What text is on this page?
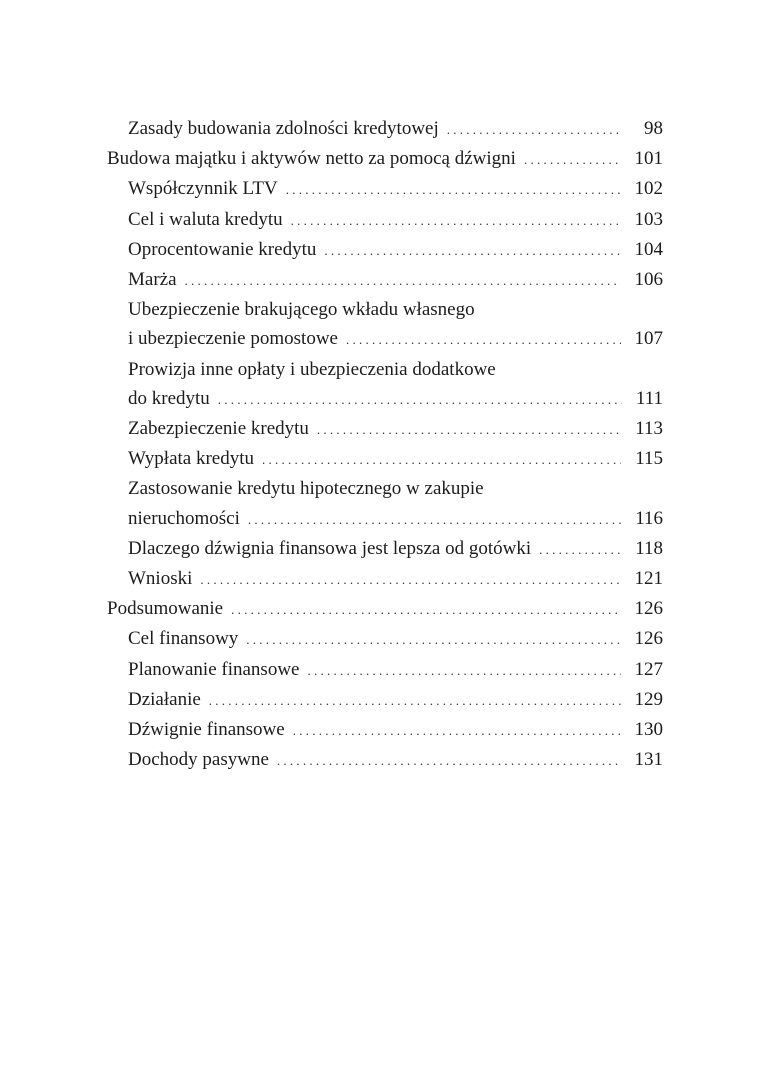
Zasady budowania zdolności kredytowej . . .	98
Budowa majątku i aktywów netto za pomocą dźwigni . . .	101
Współczynnik LTV . . .	102
Cel i waluta kredytu . . .	103
Oprocentowanie kredytu . . .	104
Marża . . .	106
Ubezpieczenie brakującego wkładu własnego
i ubezpieczenie pomostowe . . .	107
Prowizja inne opłaty i ubezpieczenia dodatkowe
do kredytu . . .	111
Zabezpieczenie kredytu . . .	113
Wypłata kredytu . . .	115
Zastosowanie kredytu hipotecznego w zakupie
nieruchomości . . .	116
Dlaczego dźwignia finansowa jest lepsza od gotówki . . .	118
Wnioski . . .	121
Podsumowanie . . .	126
Cel finansowy . . .	126
Planowanie finansowe . . .	127
Działanie . . .	129
Dźwignie finansowe . . .	130
Dochody pasywne . . .	131
